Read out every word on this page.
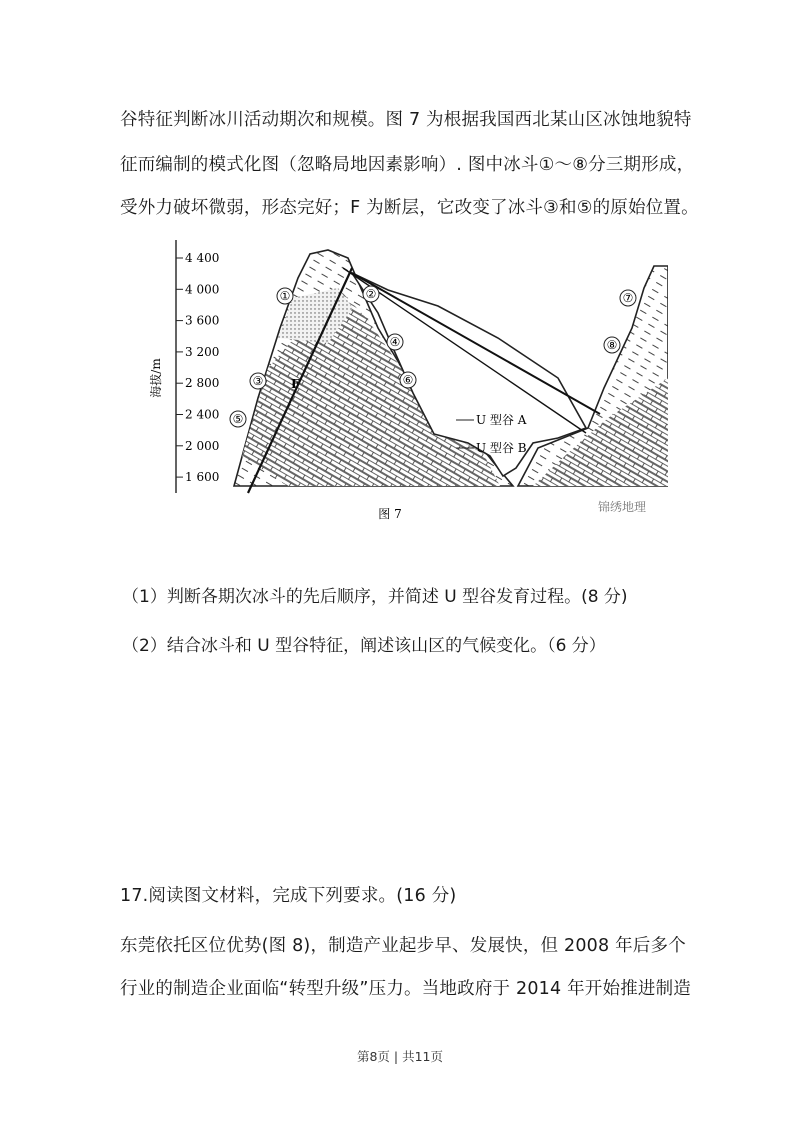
谷特征判断冰川活动期次和规模。图 7 为根据我国西北某山区冰蚀地貌特
征而编制的模式化图（忽略局地因素影响）. 图中冰斗①～⑧分三期形成，
受外力破坏微弱，形态完好；F 为断层，它改变了冰斗③和⑤的原始位置。
4 400
4 000
3 600
3 200
2 800
2 400
2 000
1 600
海拔/m
①	②
③
④
⑤
⑥
⑦
⑧
F
U 型谷 A
U 型谷 B
图 7	锦绣地理
（1）判断各期次冰斗的先后顺序，并简述 U 型谷发育过程。(8 分)
（2）结合冰斗和 U 型谷特征，阐述该山区的气候变化。（6 分）
17.阅读图文材料，完成下列要求。(16 分)
东莞依托区位优势(图 8)，制造产业起步早、发展快，但 2008 年后多个
行业的制造企业面临“转型升级”压力。当地政府于 2014 年开始推进制造
第8页 | 共11页
